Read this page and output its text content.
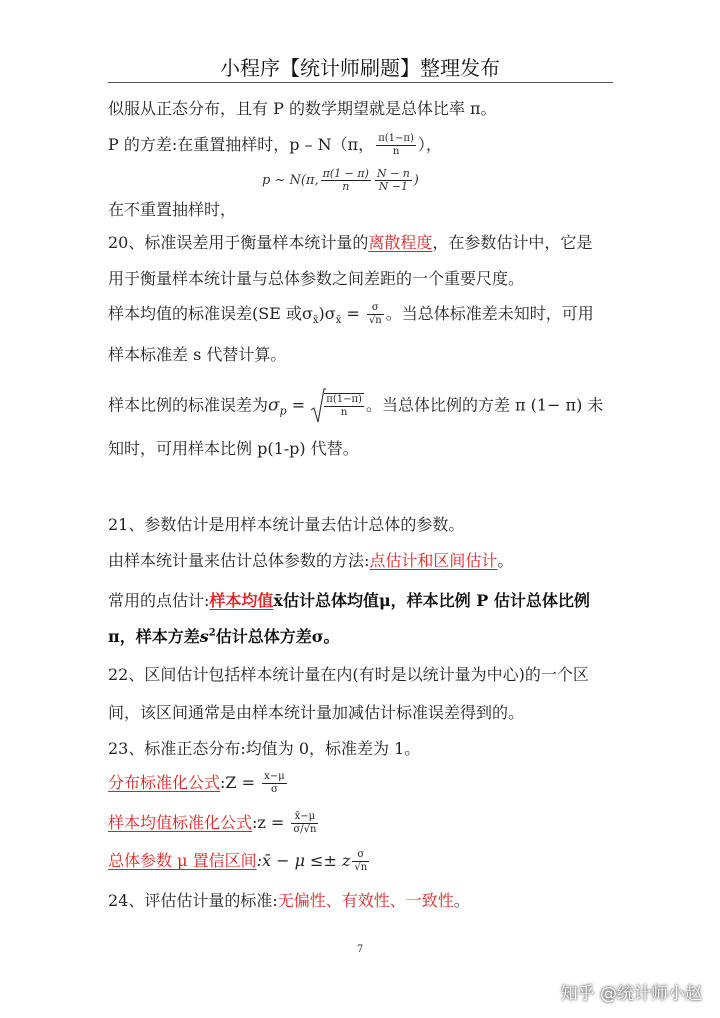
小程序【统计师刷题】整理发布
似服从正态分布，且有 P 的数学期望就是总体比率 π。
P 的方差:在重置抽样时，p – N（π， $\frac{\pi(1-\pi)}{n}$ ），
p ~ N(π, $\frac{\pi(1 - \pi)}{n} \frac{N - n}{N -1}$ )
在不重置抽样时，
20、标准误差用于衡量样本统计量的离散程度，在参数估计中，它是
用于衡量样本统计量与总体参数之间差距的一个重要尺度。
样本均值的标准误差(SE 或$\sigma_{x̄})\sigma_{x̄} = \frac{\sigma}{√n}$ 。当总体标准差未知时，可用
样本标准差 s 代替计算。
样本比例的标准误差为$\sigma_p = \frac{\pi(1-\pi)}{n}$ 。当总体比例的方差 π (1− π) 未
知时，可用样本比例 p(1-p) 代替。
21、参数估计是用样本统计量去估计总体的参数。
由样本统计量来估计总体参数的方法:点估计和区间估计。
常用的点估计:样本均值x̄估计总体均值μ，样本比例 P 估计总体比例
π，样本方差$s^2$估计总体方差σ。
22、区间估计包括样本统计量在内(有时是以统计量为中心)的一个区
间，该区间通常是由样本统计量加减估计标准误差得到的。
23、标准正态分布:均值为 0，标准差为 1。
分布标准化公式:Z = $\frac{x-\mu}{\sigma}$
样本均值标准化公式:z = $\frac{x̄-\mu}{\sigma/√n}$
总体参数 μ 置信区间:x̄ − μ ≤± z $\frac{\sigma}{√n}$
24、评估估计量的标准:无偏性、有效性、一致性。
7
知乎 @统计师小赵
